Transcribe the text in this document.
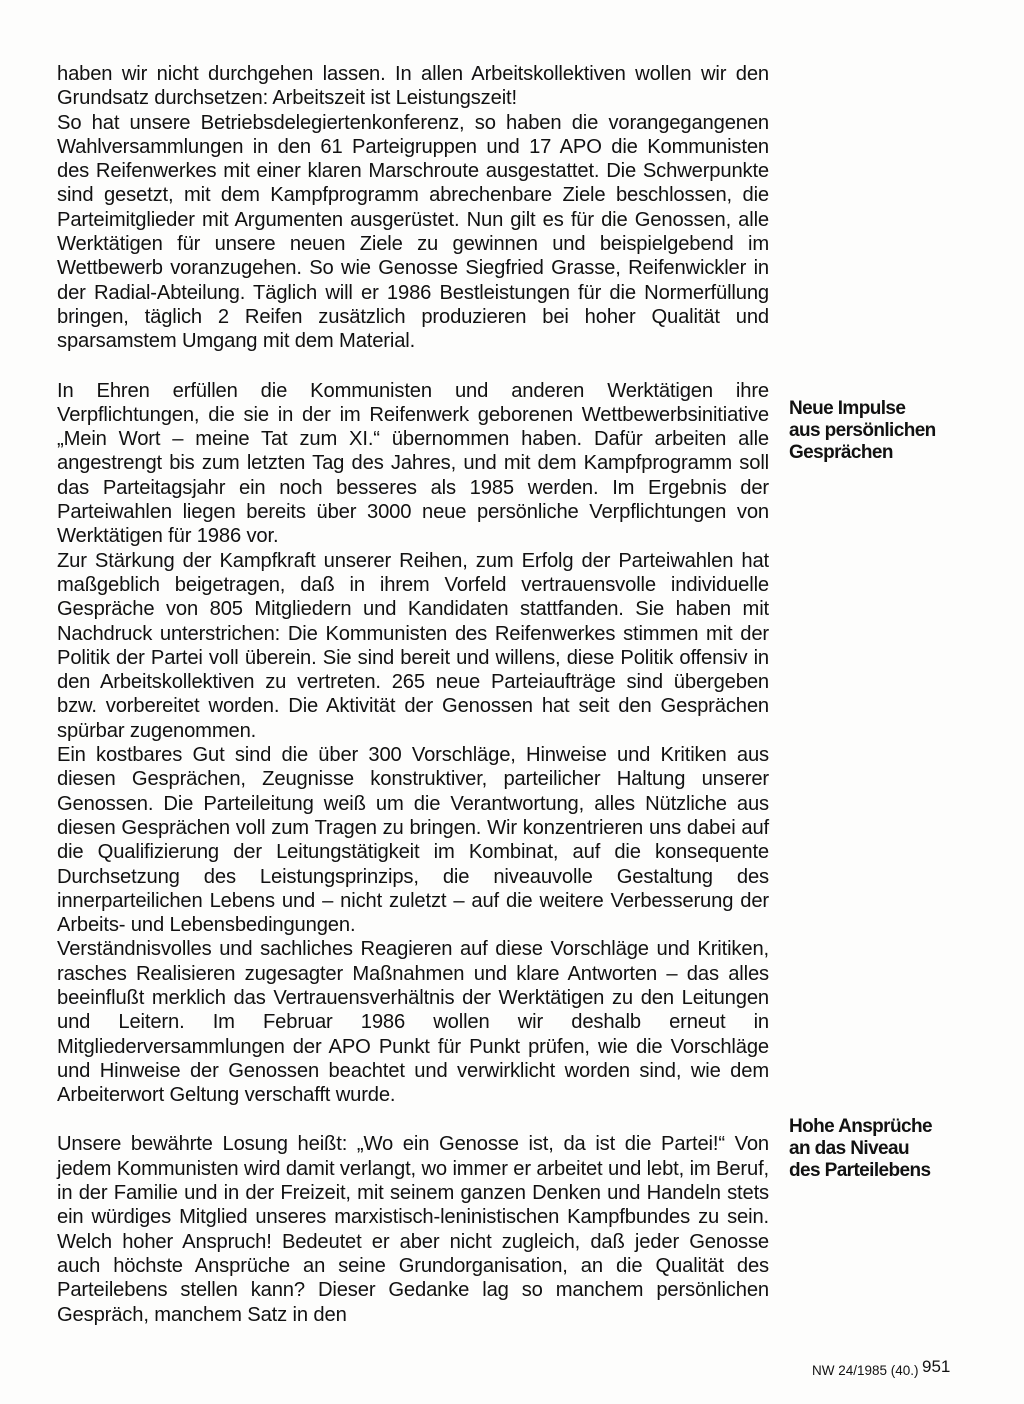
haben wir nicht durchgehen lassen. In allen Arbeitskollektiven wollen wir den Grundsatz durchsetzen: Arbeitszeit ist Leistungszeit!

So hat unsere Betriebsdelegiertenkonferenz, so haben die vorangegangenen Wahlversammlungen in den 61 Parteigruppen und 17 APO die Kommunisten des Reifenwerkes mit einer klaren Marschroute ausgestattet. Die Schwerpunkte sind gesetzt, mit dem Kampfprogramm abrechenbare Ziele beschlossen, die Parteimitglieder mit Argumenten ausgerüstet. Nun gilt es für die Genossen, alle Werktätigen für unsere neuen Ziele zu gewinnen und beispielgebend im Wettbewerb voranzugehen. So wie Genosse Siegfried Grasse, Reifenwickler in der Radial-Abteilung. Täglich will er 1986 Bestleistungen für die Normerfüllung bringen, täglich 2 Reifen zusätzlich produzieren bei hoher Qualität und sparsamstem Umgang mit dem Material.

In Ehren erfüllen die Kommunisten und anderen Werktätigen ihre Verpflichtungen, die sie in der im Reifenwerk geborenen Wettbewerbsinitiative „Mein Wort – meine Tat zum XI.“ übernommen haben. Dafür arbeiten alle angestrengt bis zum letzten Tag des Jahres, und mit dem Kampfprogramm soll das Parteitagsjahr ein noch besseres als 1985 werden. Im Ergebnis der Parteiwahlen liegen bereits über 3000 neue persönliche Verpflichtungen von Werktätigen für 1986 vor.

Zur Stärkung der Kampfkraft unserer Reihen, zum Erfolg der Parteiwahlen hat maßgeblich beigetragen, daß in ihrem Vorfeld vertrauensvolle individuelle Gespräche von 805 Mitgliedern und Kandidaten stattfanden. Sie haben mit Nachdruck unterstrichen: Die Kommunisten des Reifenwerkes stimmen mit der Politik der Partei voll überein. Sie sind bereit und willens, diese Politik offensiv in den Arbeitskollektiven zu vertreten. 265 neue Parteiaufträge sind übergeben bzw. vorbereitet worden. Die Aktivität der Genossen hat seit den Gesprächen spürbar zugenommen.

Ein kostbares Gut sind die über 300 Vorschläge, Hinweise und Kritiken aus diesen Gesprächen, Zeugnisse konstruktiver, parteilicher Haltung unserer Genossen. Die Parteileitung weiß um die Verantwortung, alles Nützliche aus diesen Gesprächen voll zum Tragen zu bringen. Wir konzentrieren uns dabei auf die Qualifizierung der Leitungstätigkeit im Kombinat, auf die konsequente Durchsetzung des Leistungsprinzips, die niveauvolle Gestaltung des innerparteilichen Lebens und – nicht zuletzt – auf die weitere Verbesserung der Arbeits- und Lebensbedingungen.

Verständnisvolles und sachliches Reagieren auf diese Vorschläge und Kritiken, rasches Realisieren zugesagter Maßnahmen und klare Antworten – das alles beeinflußt merklich das Vertrauensverhältnis der Werktätigen zu den Leitungen und Leitern. Im Februar 1986 wollen wir deshalb erneut in Mitgliederversammlungen der APO Punkt für Punkt prüfen, wie die Vorschläge und Hinweise der Genossen beachtet und verwirklicht worden sind, wie dem Arbeiterwort Geltung verschafft wurde.

Unsere bewährte Losung heißt: „Wo ein Genosse ist, da ist die Partei!“ Von jedem Kommunisten wird damit verlangt, wo immer er arbeitet und lebt, im Beruf, in der Familie und in der Freizeit, mit seinem ganzen Denken und Handeln stets ein würdiges Mitglied unseres marxistisch-leninistischen Kampfbundes zu sein. Welch hoher Anspruch! Bedeutet er aber nicht zugleich, daß jeder Genosse auch höchste Ansprüche an seine Grundorganisation, an die Qualität des Parteilebens stellen kann? Dieser Gedanke lag so manchem persönlichen Gespräch, manchem Satz in den

Neue Impulse
aus persönlichen
Gesprächen
Hohe Ansprüche
an das Niveau
des Parteilebens
NW 24/1985 (40.) 951
